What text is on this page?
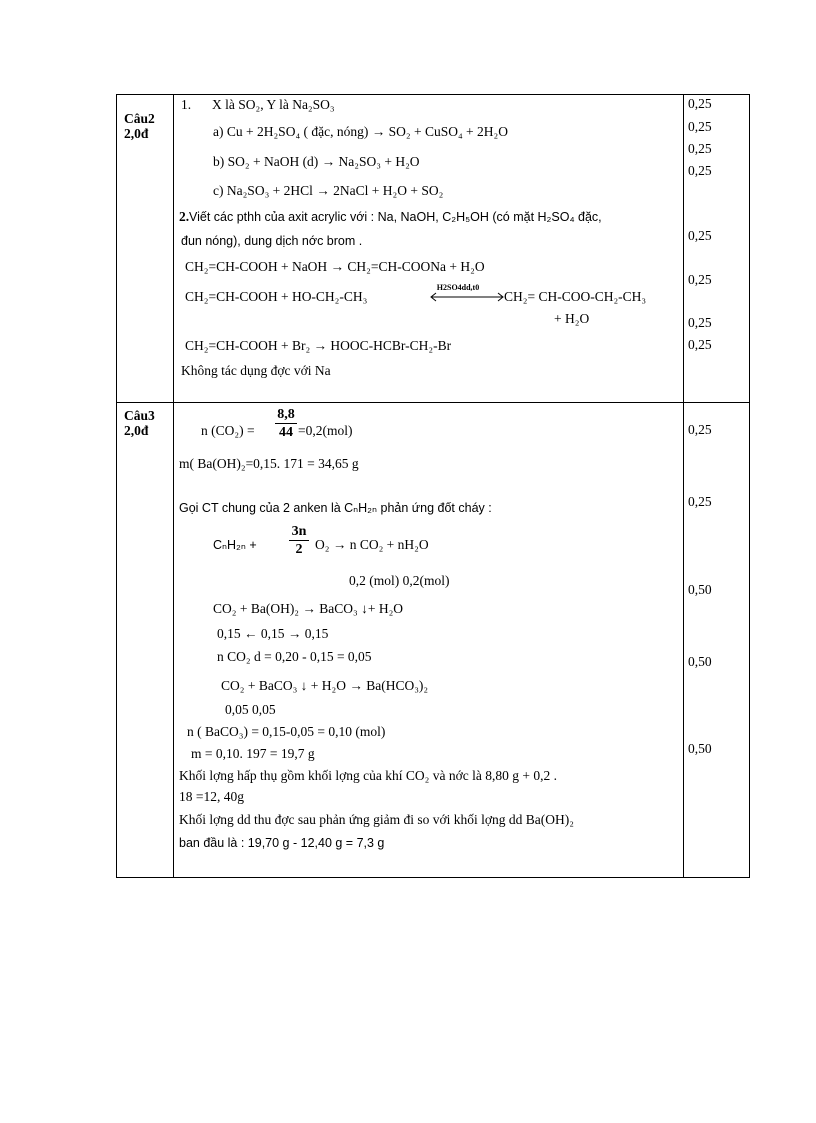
Câu2
2,0đ
1. X là SO₂, Y là Na₂SO₃
a) Cu + 2H₂SO₄ ( đặc, nóng) → SO₂ + CuSO₄ + 2H₂O
b) SO₂ + NaOH (d) → Na₂SO₃ + H₂O
c) Na₂SO₃ + 2HCl → 2NaCl + H₂O + SO₂
2. Viết các pthh của axit acrylic với : Na, NaOH, C₂H₅OH (có mặt H₂SO₄ đặc,
đun nóng), dung dịch nớc brom .
CH₂=CH-COOH + NaOH → CH₂=CH-COONa + H₂O
CH₂=CH-COOH + HO-CH₂-CH₃
H2SO4dd,t0
CH₂= CH-COO-CH₂-CH₃
+ H₂O
CH₂=CH-COOH + Br₂ → HOOC-HCBr-CH₂-Br
Không tác dụng đợc với Na
0,25
0,25
0,25
0,25
0,25
0,25
0,25
0,25
Câu3
2,0đ	n $(CO_2) = \frac{8,8}{44} =0,2(mol)$
m( Ba(OH)₂=0,15. 171 = 34,65 g
Gọi CT chung của 2 anken là CₙH₂ₙ phản ứng đốt cháy :
$C_nH_{2n} + \frac{3n}{2} O_2 \to n$ CO₂ + nH₂O
0,2 (mol) 0,2(mol)
CO₂ + Ba(OH)₂ → BaCO₃ ↓+ H₂O
0,15 ← 0,15 → 0,15
n CO₂ d = 0,20 - 0,15 = 0,05
CO₂ + BaCO₃ ↓ + H₂O → Ba(HCO₃)₂
0,05 0,05
n ( BaCO₃) = 0,15-0,05 = 0,10 (mol)
m = 0,10. 197 = 19,7 g
Khối lợng hấp thụ gồm khối lợng của khí CO₂ và nớc là 8,80 g + 0,2 .
18 =12, 40g
Khối lợng dd thu đợc sau phản ứng giảm đi so với khối lợng dd Ba(OH)₂
ban đầu là : 19,70 g - 12,40 g = 7,3 g
0,25
0,25
0,50
0,50
0,50
